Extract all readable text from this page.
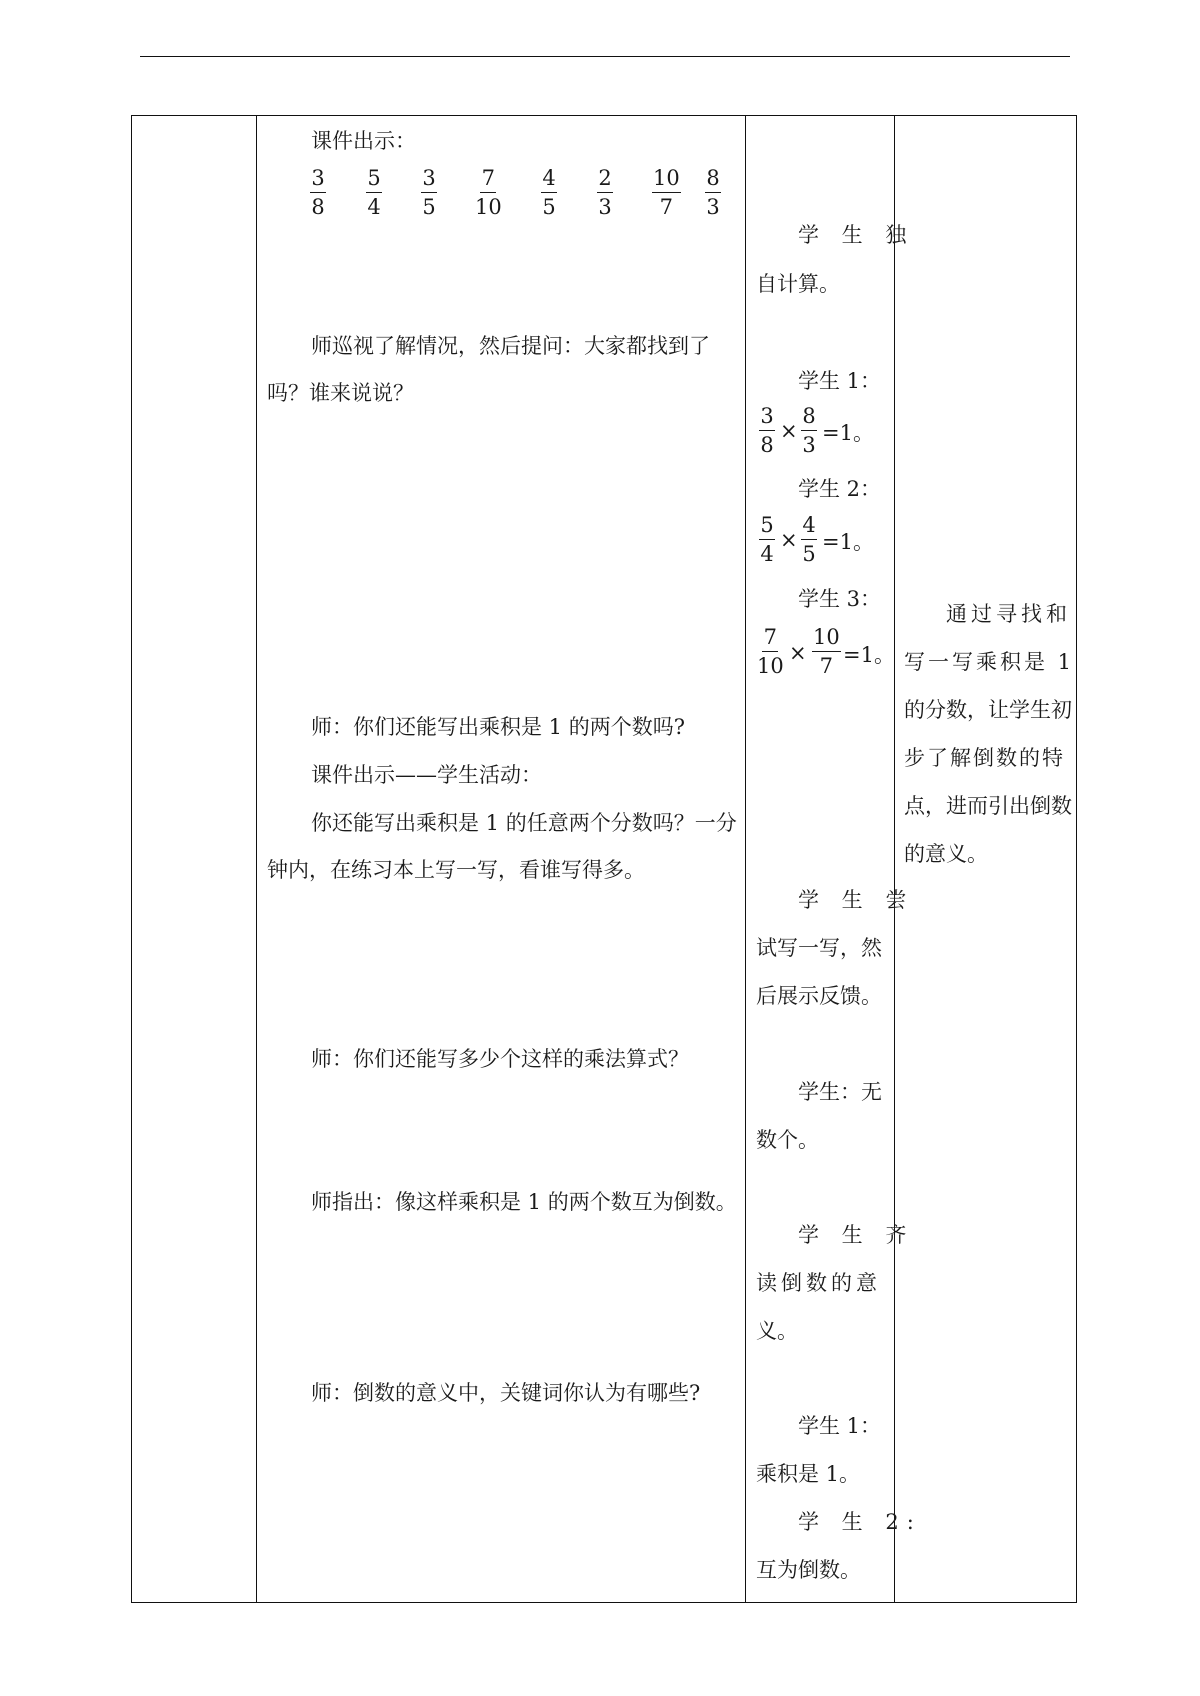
课件出示：
$\frac{3}{8} \frac{5}{4} \frac{3}{5} \frac{7}{10} \frac{4}{5} \frac{2}{3} \frac{10}{7} \frac{8}{3}$
师巡视了解情况，然后提问：大家都找到了
吗？谁来说说？
师：你们还能写出乘积是 1 的两个数吗?
课件出示——学生活动：
你还能写出乘积是 1 的任意两个分数吗？一分
钟内，在练习本上写一写，看谁写得多。
师：你们还能写多少个这样的乘法算式？
师指出：像这样乘积是 1 的两个数互为倒数。
师：倒数的意义中，关键词你认为有哪些?
学 生 独
自计算。
学生 1：
$\frac{3}{8} \times \frac{8}{3} =1$。
学生 2：
$\frac{5}{4} \times \frac{4}{5} =1$。
学生 3：
$\frac{7}{10} \times \frac{10}{7} =1$。
学 生 尝
试写一写，然
后展示反馈。
学生：无
数个。
学 生 齐
读倒数的意
义。
学生 1：
乘积是 1。
学 生 2:
互为倒数。
通过寻找和
写一写乘积是 1
的分数，让学生初
步了解倒数的特
点，进而引出倒数
的意义。
